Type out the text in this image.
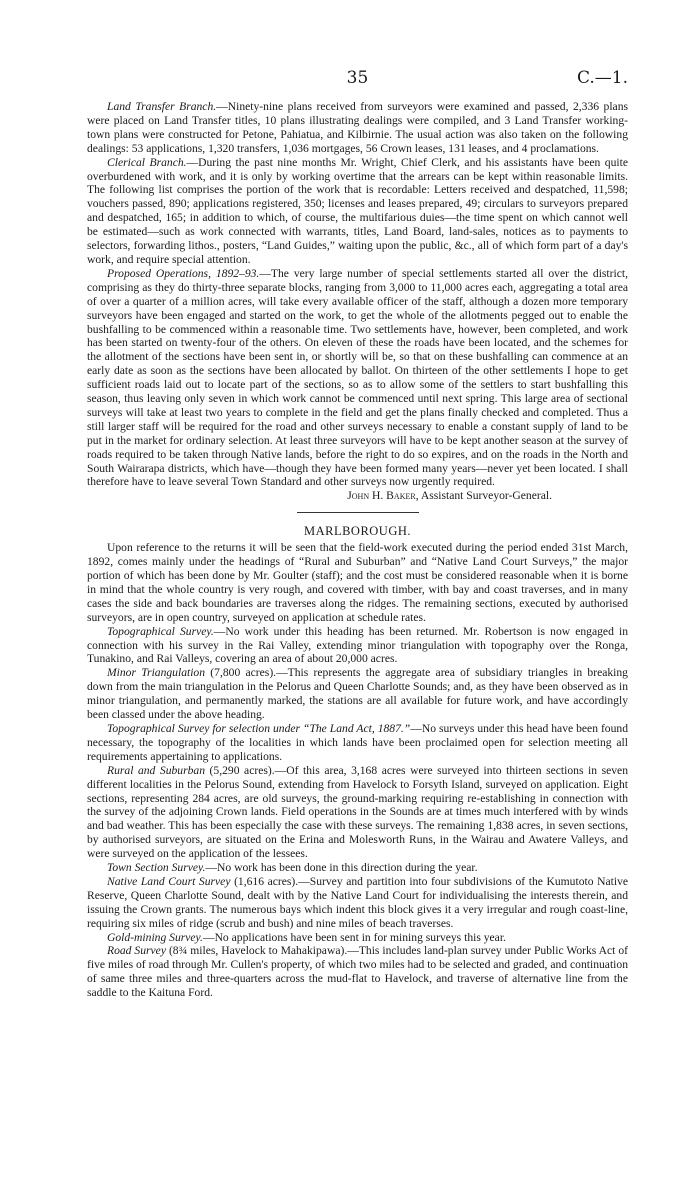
35	C.—1.

Land Transfer Branch.—Ninety-nine plans received from surveyors were examined and passed, 2,336 plans were placed on Land Transfer titles, 10 plans illustrating dealings were compiled, and 3 Land Transfer working-town plans were constructed for Petone, Pahiatua, and Kilbirnie. The usual action was also taken on the following dealings: 53 applications, 1,320 transfers, 1,036 mortgages, 56 Crown leases, 131 leases, and 4 proclamations.

Clerical Branch.—During the past nine months Mr. Wright, Chief Clerk, and his assistants have been quite overburdened with work, and it is only by working overtime that the arrears can be kept within reasonable limits. The following list comprises the portion of the work that is recordable: Letters received and despatched, 11,598; vouchers passed, 890; applications registered, 350; licenses and leases prepared, 49; circulars to surveyors prepared and despatched, 165; in addition to which, of course, the multifarious duies—the time spent on which cannot well be estimated—such as work connected with warrants, titles, Land Board, land-sales, notices as to payments to selectors, forwarding lithos., posters, “Land Guides,” waiting upon the public, &c., all of which form part of a day's work, and require special attention.

Proposed Operations, 1892–93.—The very large number of special settlements started all over the district, comprising as they do thirty-three separate blocks, ranging from 3,000 to 11,000 acres each, aggregating a total area of over a quarter of a million acres, will take every available officer of the staff, although a dozen more temporary surveyors have been engaged and started on the work, to get the whole of the allotments pegged out to enable the bushfalling to be commenced within a reasonable time. Two settlements have, however, been completed, and work has been started on twenty-four of the others. On eleven of these the roads have been located, and the schemes for the allotment of the sections have been sent in, or shortly will be, so that on these bushfalling can commence at an early date as soon as the sections have been allocated by ballot. On thirteen of the other settlements I hope to get sufficient roads laid out to locate part of the sections, so as to allow some of the settlers to start bushfalling this season, thus leaving only seven in which work cannot be commenced until next spring. This large area of sectional surveys will take at least two years to complete in the field and get the plans finally checked and completed. Thus a still larger staff will be required for the road and other surveys necessary to enable a constant supply of land to be put in the market for ordinary selection. At least three surveyors will have to be kept another season at the survey of roads required to be taken through Native lands, before the right to do so expires, and on the roads in the North and South Wairarapa districts, which have—though they have been formed many years—never yet been located. I shall therefore have to leave several Town Standard and other surveys now urgently required.

John H. Baker, Assistant Surveyor-General.

MARLBOROUGH.

Upon reference to the returns it will be seen that the field-work executed during the period ended 31st March, 1892, comes mainly under the headings of “Rural and Suburban” and “Native Land Court Surveys,” the major portion of which has been done by Mr. Goulter (staff); and the cost must be considered reasonable when it is borne in mind that the whole country is very rough, and covered with timber, with bay and coast traverses, and in many cases the side and back boundaries are traverses along the ridges. The remaining sections, executed by authorised surveyors, are in open country, surveyed on application at schedule rates.

Topographical Survey.—No work under this heading has been returned. Mr. Robertson is now engaged in connection with his survey in the Rai Valley, extending minor triangulation with topography over the Ronga, Tunakino, and Rai Valleys, covering an area of about 20,000 acres.

Minor Triangulation (7,800 acres).—This represents the aggregate area of subsidiary triangles in breaking down from the main triangulation in the Pelorus and Queen Charlotte Sounds; and, as they have been observed as in minor triangulation, and permanently marked, the stations are all available for future work, and have accordingly been classed under the above heading.

Topographical Survey for selection under “The Land Act, 1887.”—No surveys under this head have been found necessary, the topography of the localities in which lands have been proclaimed open for selection meeting all requirements appertaining to applications.

Rural and Suburban (5,290 acres).—Of this area, 3,168 acres were surveyed into thirteen sections in seven different localities in the Pelorus Sound, extending from Havelock to Forsyth Island, surveyed on application. Eight sections, representing 284 acres, are old surveys, the ground-marking requiring re-establishing in connection with the survey of the adjoining Crown lands. Field operations in the Sounds are at times much interfered with by winds and bad weather. This has been especially the case with these surveys. The remaining 1,838 acres, in seven sections, by authorised surveyors, are situated on the Erina and Molesworth Runs, in the Wairau and Awatere Valleys, and were surveyed on the application of the lessees.

Town Section Survey.—No work has been done in this direction during the year.

Native Land Court Survey (1,616 acres).—Survey and partition into four subdivisions of the Kumutoto Native Reserve, Queen Charlotte Sound, dealt with by the Native Land Court for individualising the interests therein, and issuing the Crown grants. The numerous bays which indent this block gives it a very irregular and rough coast-line, requiring six miles of ridge (scrub and bush) and nine miles of beach traverses.

Gold-mining Survey.—No applications have been sent in for mining surveys this year.

Road Survey (8¾ miles, Havelock to Mahakipawa).—This includes land-plan survey under Public Works Act of five miles of road through Mr. Cullen's property, of which two miles had to be selected and graded, and continuation of same three miles and three-quarters across the mud-flat to Havelock, and traverse of alternative line from the saddle to the Kaituna Ford.
